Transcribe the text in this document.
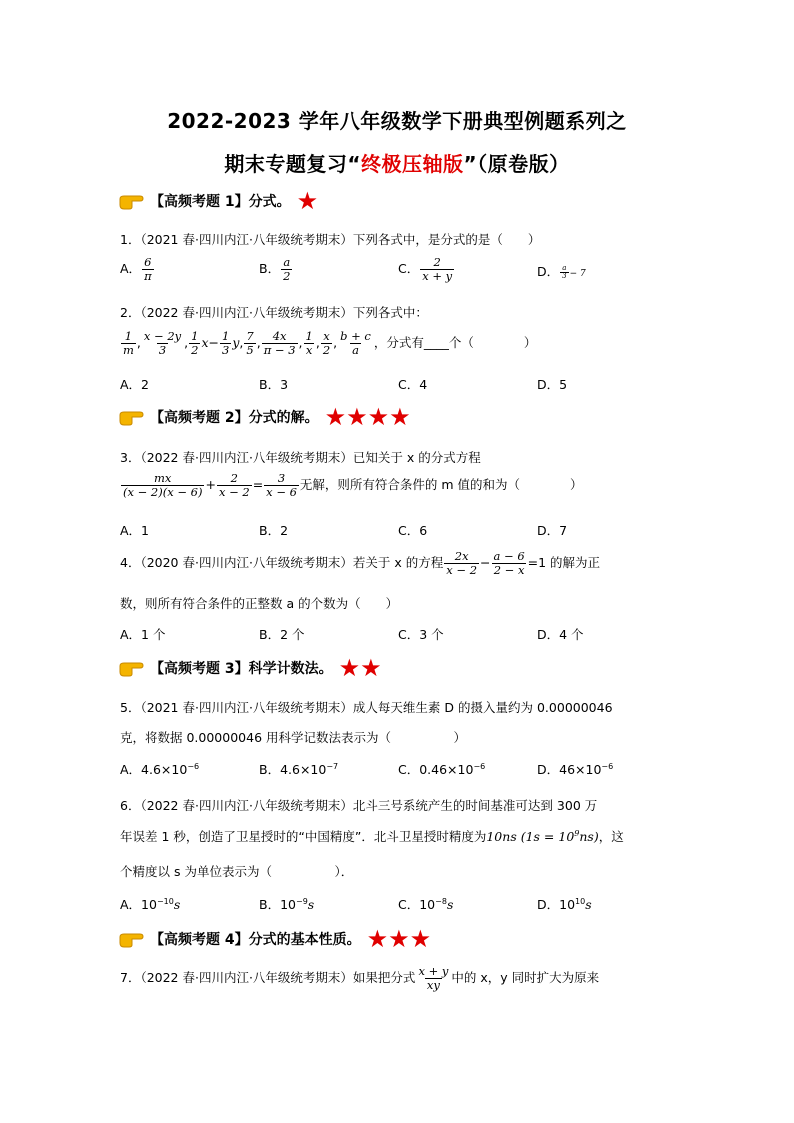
2022-2023 学年八年级数学下册典型例题系列之
期末专题复习“终极压轴版”（原卷版）
【高频考题 1】分式。 ★
1．（2021 春·四川内江·八年级统考期末）下列各式中，是分式的是（　　）
A． $\frac{6}{\pi}$	B． $\frac{a}{2}$	C． $\frac{2}{x + y}$	D． $\frac{a}{3} - 7$
2．（2022 春·四川内江·八年级统考期末）下列各式中：
$\frac{1}{m}$ , $\frac{x - 2y}{3}$ , $\frac{1}{2} x- \frac{1}{3} y$, $\frac{7}{5}$ , $\frac{4x}{\pi - 3}$ , $\frac{1}{x}$ , $\frac{x}{2}$ , $\frac{b + c}{a}$ ，分式有____个（　　　　）
A．2	B．3	C．4	D．5
【高频考题 2】分式的解。 ★★★★
3．（2022 春·四川内江·八年级统考期末）已知关于 x 的分式方程
$\frac{mx}{(x - 2)(x - 6)} + \frac{2}{x - 2} = \frac{3}{x - 6}$ 无解，则所有符合条件的 m 值的和为（　　　　）
A．1	B．2	C．6	D．7
4．（2020 春·四川内江·八年级统考期末）若关于 x 的方程 $\frac{2x}{x - 2} - \frac{a - 6}{2 - x} =1$ 的解为正
数，则所有符合条件的正整数 a 的个数为（　　）
A．1 个	B．2 个	C．3 个	D．4 个
【高频考题 3】科学计数法。 ★★
5．（2021 春·四川内江·八年级统考期末）成人每天维生素 D 的摄入量约为 0.00000046
克，将数据 0.00000046 用科学记数法表示为（　　　　　）
A．$4.6\times 10^{-6}$	B．$4.6\times 10^{-7}$	C．$0.46\times 10^{-6}$	D．$46\times 10^{-6}$
6．（2022 春·四川内江·八年级统考期末）北斗三号系统产生的时间基准可达到 300 万
年误差 1 秒，创造了卫星授时的“中国精度”．北斗卫星授时精度为10ns $(1s = 10^9ns)$，这
个精度以 s 为单位表示为（　　　　　）．
A．$10^{-10}s$	B．$10^{-9}s$	C．$10^{-8}s$	D．$10^{10}s$
【高频考题 4】分式的基本性质。 ★★★
7．（2022 春·四川内江·八年级统考期末）如果把分式 $\frac{x + y}{xy}$ 中的 x，y 同时扩大为原来
